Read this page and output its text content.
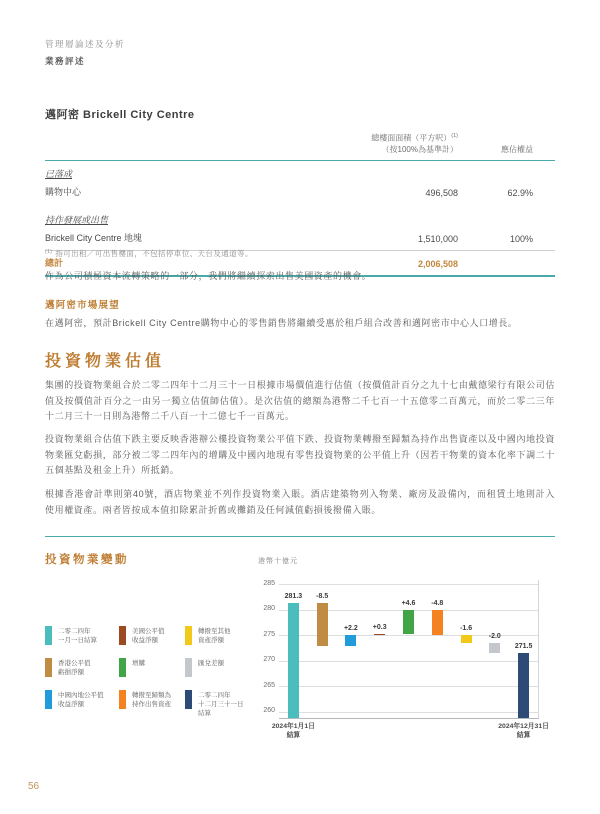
管理層論述及分析
業務評述
邁阿密 Brickell City Centre
總樓面面積（平方呎）$^{(1)}$
（按100%為基準計）	應佔權益
已落成
購物中心	496,508	62.9%
持作發展或出售
Brickell City Centre 地塊	1,510,000	100%
總計	2,006,508
$^{(1)}$ 指可出租／可出售樓面，不包括停車位、天台及通道等。
作為公司積極資本流轉策略的一部分，我們將繼續探索出售美國資產的機會。
邁阿密市場展望
在邁阿密，預計Brickell City Centre購物中心的零售銷售將繼續受惠於租戶組合改善和邁阿密市中心人口增長。
投資物業估值
集團的投資物業組合於二零二四年十二月三十一日根據市場價值進行估值（按價值計百分之九十七由戴德梁行有限公司估值及按價值計百分之一由另一獨立估值師估值）。是次估值的總額為港幣二千七百一十五億零二百萬元，而於二零二三年十二月三十一日則為港幣二千八百一十二億七千一百萬元。
投資物業組合估值下跌主要反映香港辦公樓投資物業公平值下跌、投資物業轉撥至歸類為持作出售資產以及中國內地投資物業匯兌虧損，部分被二零二四年內的增購及中國內地現有零售投資物業的公平值上升（因若干物業的資本化率下調二十五個基點及租金上升）所抵銷。
根據香港會計準則第40號，酒店物業並不列作投資物業入賬。酒店建築物列入物業、廠房及設備內，而租賃土地則計入使用權資產。兩者皆按成本值扣除累計折舊或攤銷及任何減值虧損後撥備入賬。
投資物業變動	港幣十億元
281.3
2024年1月1日
結算
-8.5
+2.2	+0.3
+4.6	-4.8
-1.6
-2.0
271.5
2024年12月31日
結算
285
280
275
270
265
260
二零二四年
一月一日結算
美國公平值
收益淨額
轉撥至其他
資產淨額
香港公平值
虧損淨額
增購	匯兌差額
中國內地公平值
收益淨額
轉撥至歸類為
持作出售資產
二零二四年
十二月三十一日
結算
56
